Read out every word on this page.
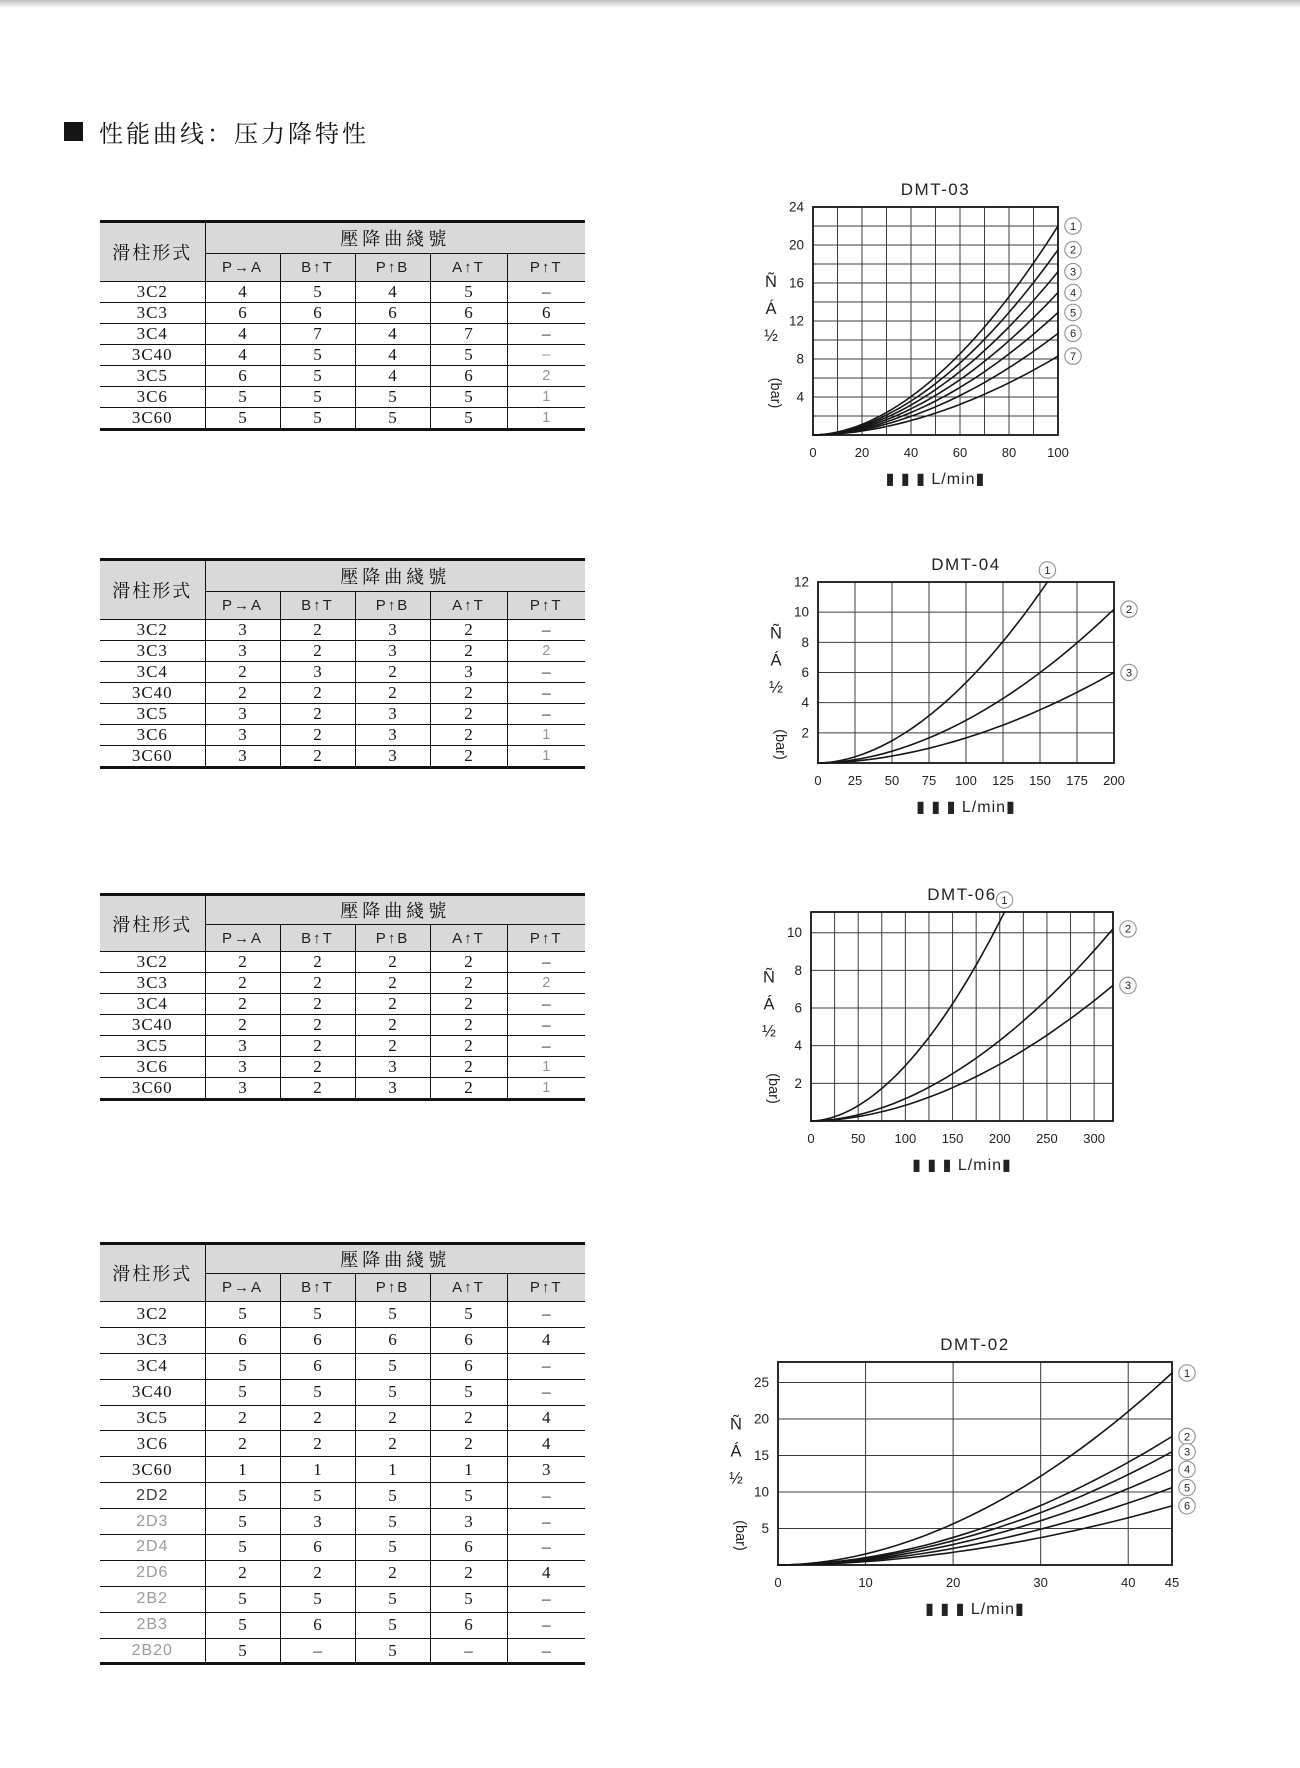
性能曲线：压力降特性
滑柱形式	壓降曲綫號				
	P→A	B↑T	P↑B	A↑T	P↑T
3C2	4	5	4	5	–
3C3	6	6	6	6	6
3C4	4	7	4	7	–
3C40	4	5	4	5	–
3C5	6	5	4	6	2
3C6	5	5	5	5	1
3C60	5	5	5	5	1
滑柱形式	壓降曲綫號				
	P→A	B↑T	P↑B	A↑T	P↑T
3C2	3	2	3	2	–
3C3	3	2	3	2	2
3C4	2	3	2	3	–
3C40	2	2	2	2	–
3C5	3	2	3	2	–
3C6	3	2	3	2	1
3C60	3	2	3	2	1
滑柱形式	壓降曲綫號				
	P→A	B↑T	P↑B	A↑T	P↑T
3C2	2	2	2	2	–
3C3	2	2	2	2	2
3C4	2	2	2	2	–
3C40	2	2	2	2	–
3C5	3	2	2	2	–
3C6	3	2	3	2	1
3C60	3	2	3	2	1
滑柱形式	壓降曲綫號				
	P→A	B↑T	P↑B	A↑T	P↑T
3C2	5	5	5	5	–
3C3	6	6	6	6	4
3C4	5	6	5	6	–
3C40	5	5	5	5	–
3C5	2	2	2	2	4
3C6	2	2	2	2	4
3C60	1	1	1	1	3
2D2	5	5	5	5	–
2D3	5	3	5	3	–
2D4	5	6	5	6	–
2D6	2	2	2	2	4
2B2	5	5	5	5	–
2B3	5	6	5	6	–
2B20	5	–	5	–	–
DMT-03
4
8
12
16
20
24
0	20	40	60	80 100
Ñ
Á
½
(bar)
▮ ▮ ▮ L/min▮
1
2
3
4
5
6
7
DMT-04
2
4
6
8
10
12
0 25 50 75 100 125 150 175 200
Ñ
Á
½
(bar)
▮ ▮ ▮ L/min▮
1
2
3
DMT-06
2
4
6
8
10
0	50 100 150 200 250 300
Ñ
Á
½
(bar)
▮ ▮ ▮ L/min▮
1
2
3
DMT-02
5
10
15
20
25
0	10	20	30	40 45
Ñ
Á
½
(bar)
▮ ▮ ▮ L/min▮
1
2
3
4
5
6
